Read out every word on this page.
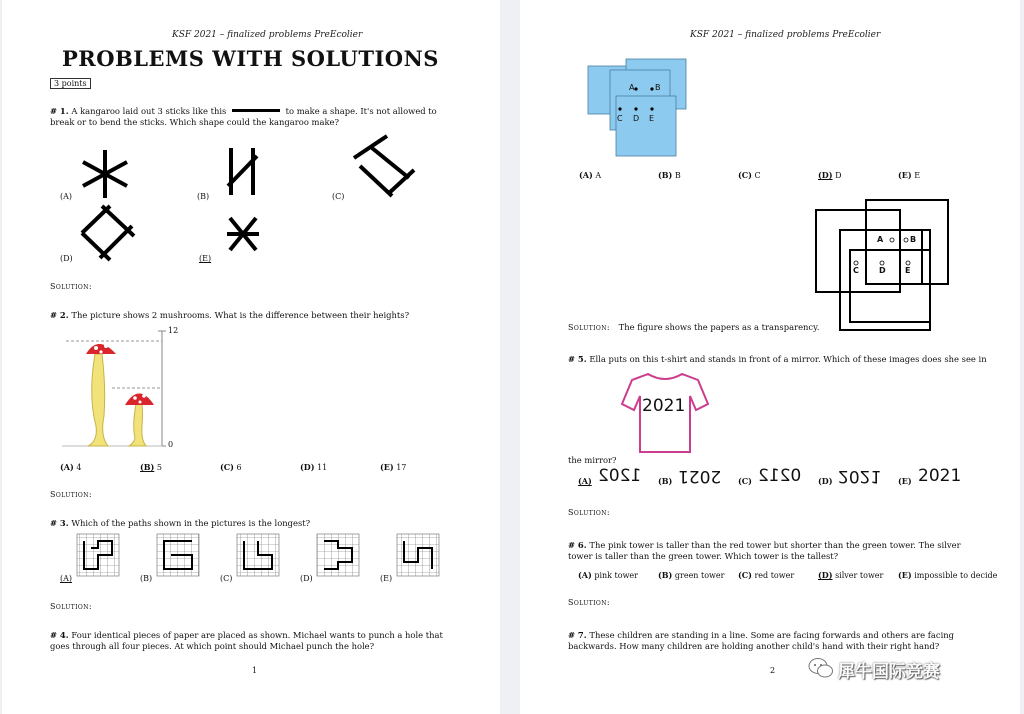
KSF 2021 – finalized problems PreEcolier
PROBLEMS WITH SOLUTIONS
3 points
# 1. A kangaroo laid out 3 sticks like this	to make a shape. It's not allowed to break or to bend the sticks. Which shape could the kangaroo make?
(A)	(B)	(C)
(D)	(E)
Solution:
# 2. The picture shows 2 mushrooms. What is the difference between their heights?
12
0
(A) 4	(B) 5	(C) 6	(D) 11	(E) 17
Solution:
# 3. Which of the paths shown in the pictures is the longest?
(A)	(B)	(C)	(D)	(E)
Solution:
# 4. Four identical pieces of paper are placed as shown. Michael wants to punch a hole that goes through all four pieces. At which point should Michael punch the hole?
1
KSF 2021 – finalized problems PreEcolier
A	B
C D E
(A) A	(B) B	(C) C	(D) D	(E) E
A	B
C	D E
Solution: The figure shows the papers as a transparency.
# 5. Ella puts on this t-shirt and stands in front of a mirror. Which of these images does she see in
2021
the mirror?
(A) 1202 (B) 2021 (C) 0212 (D) 2021 (E) 2021
Solution:
# 6. The pink tower is taller than the red tower but shorter than the green tower. The silver tower is taller than the green tower. Which tower is the tallest?
(A) pink tower	(B) green tower (C) red tower	(D) silver tower (E) impossible to decide
Solution:
# 7. These children are standing in a line. Some are facing forwards and others are facing backwards. How many children are holding another child's hand with their right hand?
2	犀牛国际竞赛
